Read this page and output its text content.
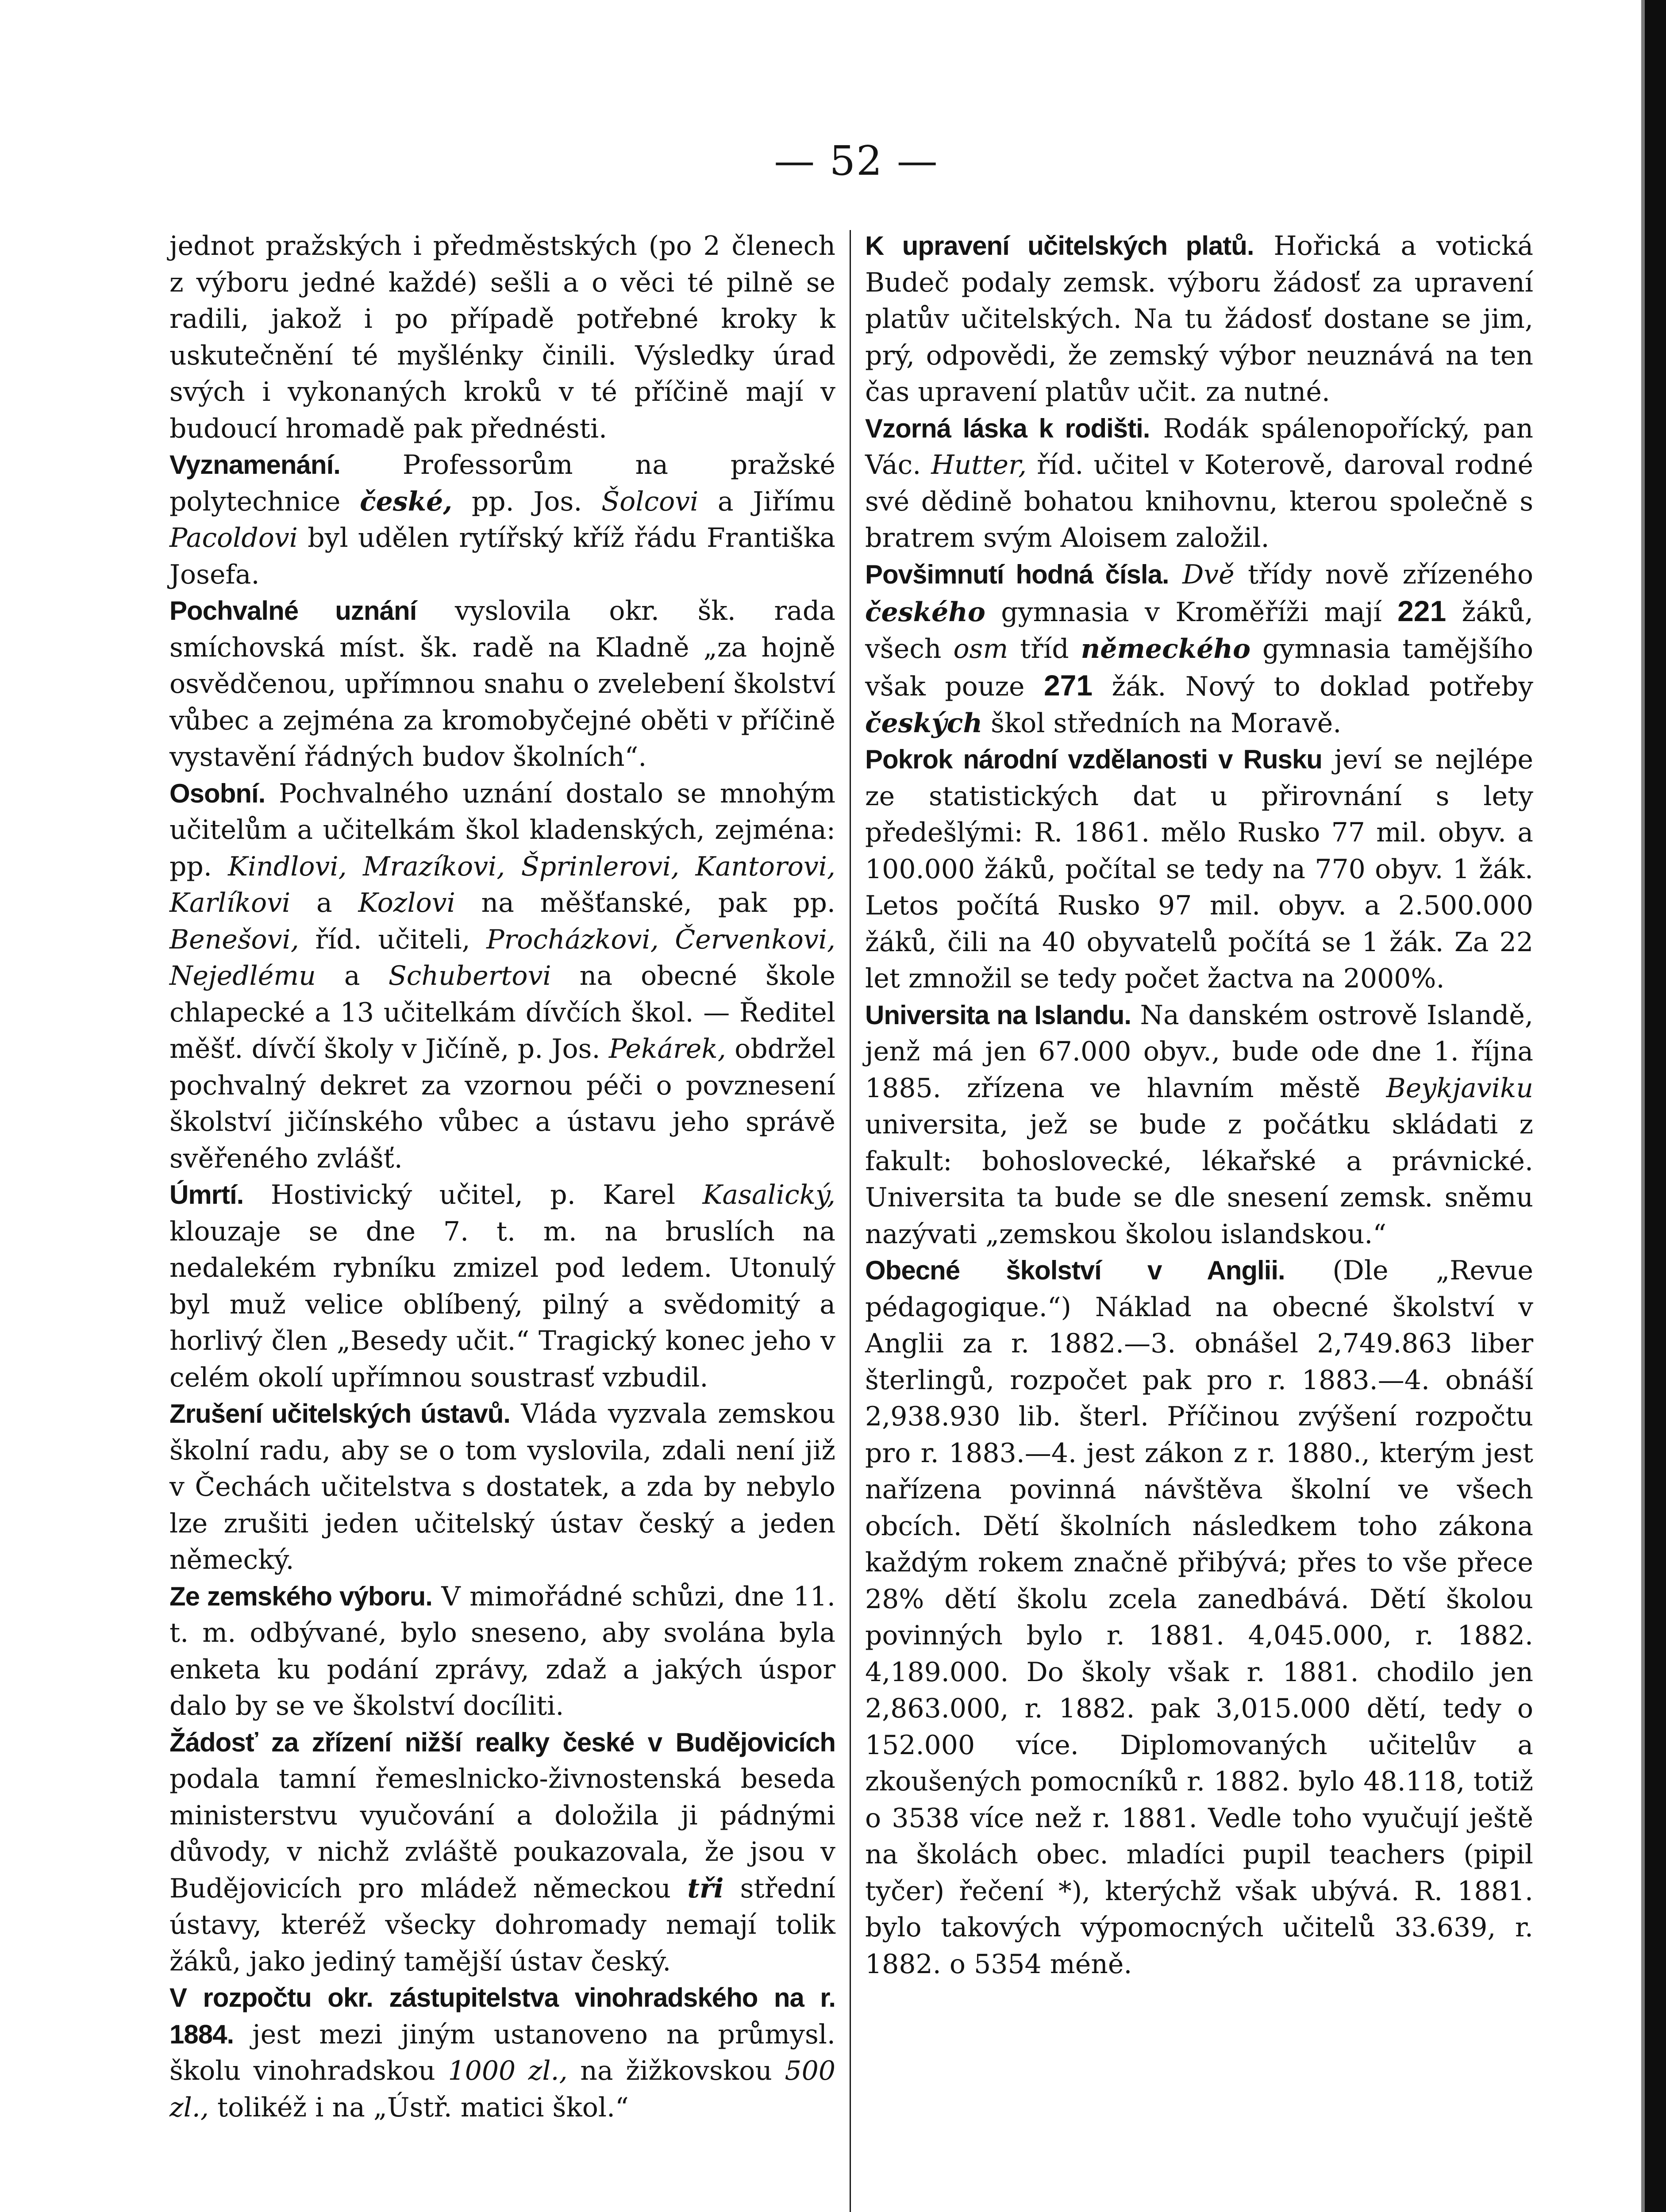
— 52 —

jednot pražských i předměstských (po 2 členech z výboru jedné každé) sešli a o věci té pilně se radili, jakož i po případě potřebné kroky k uskutečnění té myšlénky činili. Výsledky úrad svých i vykonaných kroků v té příčině mají v budoucí hromadě pak přednésti.

Vyznamenání. Professorům na pražské polytechnice české, pp. Jos. Šolcovi a Jiřímu Pacoldovi byl udělen rytířský kříž řádu Františka Josefa.

Pochvalné uznání vyslovila okr. šk. rada smíchovská míst. šk. radě na Kladně „za hojně osvědčenou, upřímnou snahu o zvelebení školství vůbec a zejména za kromobyčejné oběti v příčině vystavění řádných budov školních“.

Osobní. Pochvalného uznání dostalo se mnohým učitelům a učitelkám škol kladenských, zejména: pp. Kindlovi, Mrazíkovi, Šprinlerovi, Kantorovi, Karlíkovi a Kozlovi na měšťanské, pak pp. Benešovi, říd. učiteli, Procházkovi, Červenkovi, Nejedlému a Schubertovi na obecné škole chlapecké a 13 učitelkám dívčích škol. — Ředitel měšť. dívčí školy v Jičíně, p. Jos. Pekárek, obdržel pochvalný dekret za vzornou péči o povznesení školství jičínského vůbec a ústavu jeho správě svěřeného zvlášť.

Úmrtí. Hostivický učitel, p. Karel Kasalický, klouzaje se dne 7. t. m. na bruslích na nedalekém rybníku zmizel pod ledem. Utonulý byl muž velice oblíbený, pilný a svědomitý a horlivý člen „Besedy učit.“ Tragický konec jeho v celém okolí upřímnou soustrasť vzbudil.

Zrušení učitelských ústavů. Vláda vyzvala zemskou školní radu, aby se o tom vyslovila, zdali není již v Čechách učitelstva s dostatek, a zda by nebylo lze zrušiti jeden učitelský ústav český a jeden německý.

Ze zemského výboru. V mimořádné schůzi, dne 11. t. m. odbývané, bylo sneseno, aby svolána byla enketa ku podání zprávy, zdaž a jakých úspor dalo by se ve školství docíliti.

Žádosť za zřízení nižší realky české v Budějovicích podala tamní řemeslnicko-živnostenská beseda ministerstvu vyučování a doložila ji pádnými důvody, v nichž zvláště poukazovala, že jsou v Budějovicích pro mládež německou tři střední ústavy, kteréž všecky dohromady nemají tolik žáků, jako jediný tamější ústav český.

V rozpočtu okr. zástupitelstva vinohradského na r. 1884. jest mezi jiným ustanoveno na průmysl. školu vinohradskou 1000 zl., na žižkovskou 500 zl., tolikéž i na „Ústř. matici škol.“

K upravení učitelských platů. Hořická a votická Budeč podaly zemsk. výboru žádosť za upravení platův učitelských. Na tu žádosť dostane se jim, prý, odpovědi, že zemský výbor neuznává na ten čas upravení platův učit. za nutné.

Vzorná láska k rodišti. Rodák spálenopořícký, pan Vác. Hutter, říd. učitel v Koterově, daroval rodné své dědině bohatou knihovnu, kterou společně s bratrem svým Aloisem založil.

Povšimnutí hodná čísla. Dvě třídy nově zřízeného českého gymnasia v Kroměříži mají 221 žáků, všech osm tříd německého gymnasia tamějšího však pouze 271 žák. Nový to doklad potřeby českých škol středních na Moravě.

Pokrok národní vzdělanosti v Rusku jeví se nejlépe ze statistických dat u přirovnání s lety předešlými: R. 1861. mělo Rusko 77 mil. obyv. a 100.000 žáků, počítal se tedy na 770 obyv. 1 žák. Letos počítá Rusko 97 mil. obyv. a 2.500.000 žáků, čili na 40 obyvatelů počítá se 1 žák. Za 22 let zmnožil se tedy počet žactva na 2000%.

Universita na Islandu. Na danském ostrově Islandě, jenž má jen 67.000 obyv., bude ode dne 1. října 1885. zřízena ve hlavním městě Beykjaviku universita, jež se bude z počátku skládati z fakult: bohoslovecké, lékařské a právnické. Universita ta bude se dle snesení zemsk. sněmu nazývati „zemskou školou islandskou.“

Obecné školství v Anglii. (Dle „Revue pédagogique.“) Náklad na obecné školství v Anglii za r. 1882.—3. obnášel 2,749.863 liber šterlingů, rozpočet pak pro r. 1883.—4. obnáší 2,938.930 lib. šterl. Příčinou zvýšení rozpočtu pro r. 1883.—4. jest zákon z r. 1880., kterým jest nařízena povinná návštěva školní ve všech obcích. Dětí školních následkem toho zákona každým rokem značně přibývá; přes to vše přece 28% dětí školu zcela zanedbává. Dětí školou povinných bylo r. 1881. 4,045.000, r. 1882. 4,189.000. Do školy však r. 1881. chodilo jen 2,863.000, r. 1882. pak 3,015.000 dětí, tedy o 152.000 více. Diplomovaných učitelův a zkoušených pomocníků r. 1882. bylo 48.118, totiž o 3538 více než r. 1881. Vedle toho vyučují ještě na školách obec. mladíci pupil teachers (pipil tyčer) řečení *), kterýchž však ubývá. R. 1881. bylo takových výpomocných učitelů 33.639, r. 1882. o 5354 méně.
